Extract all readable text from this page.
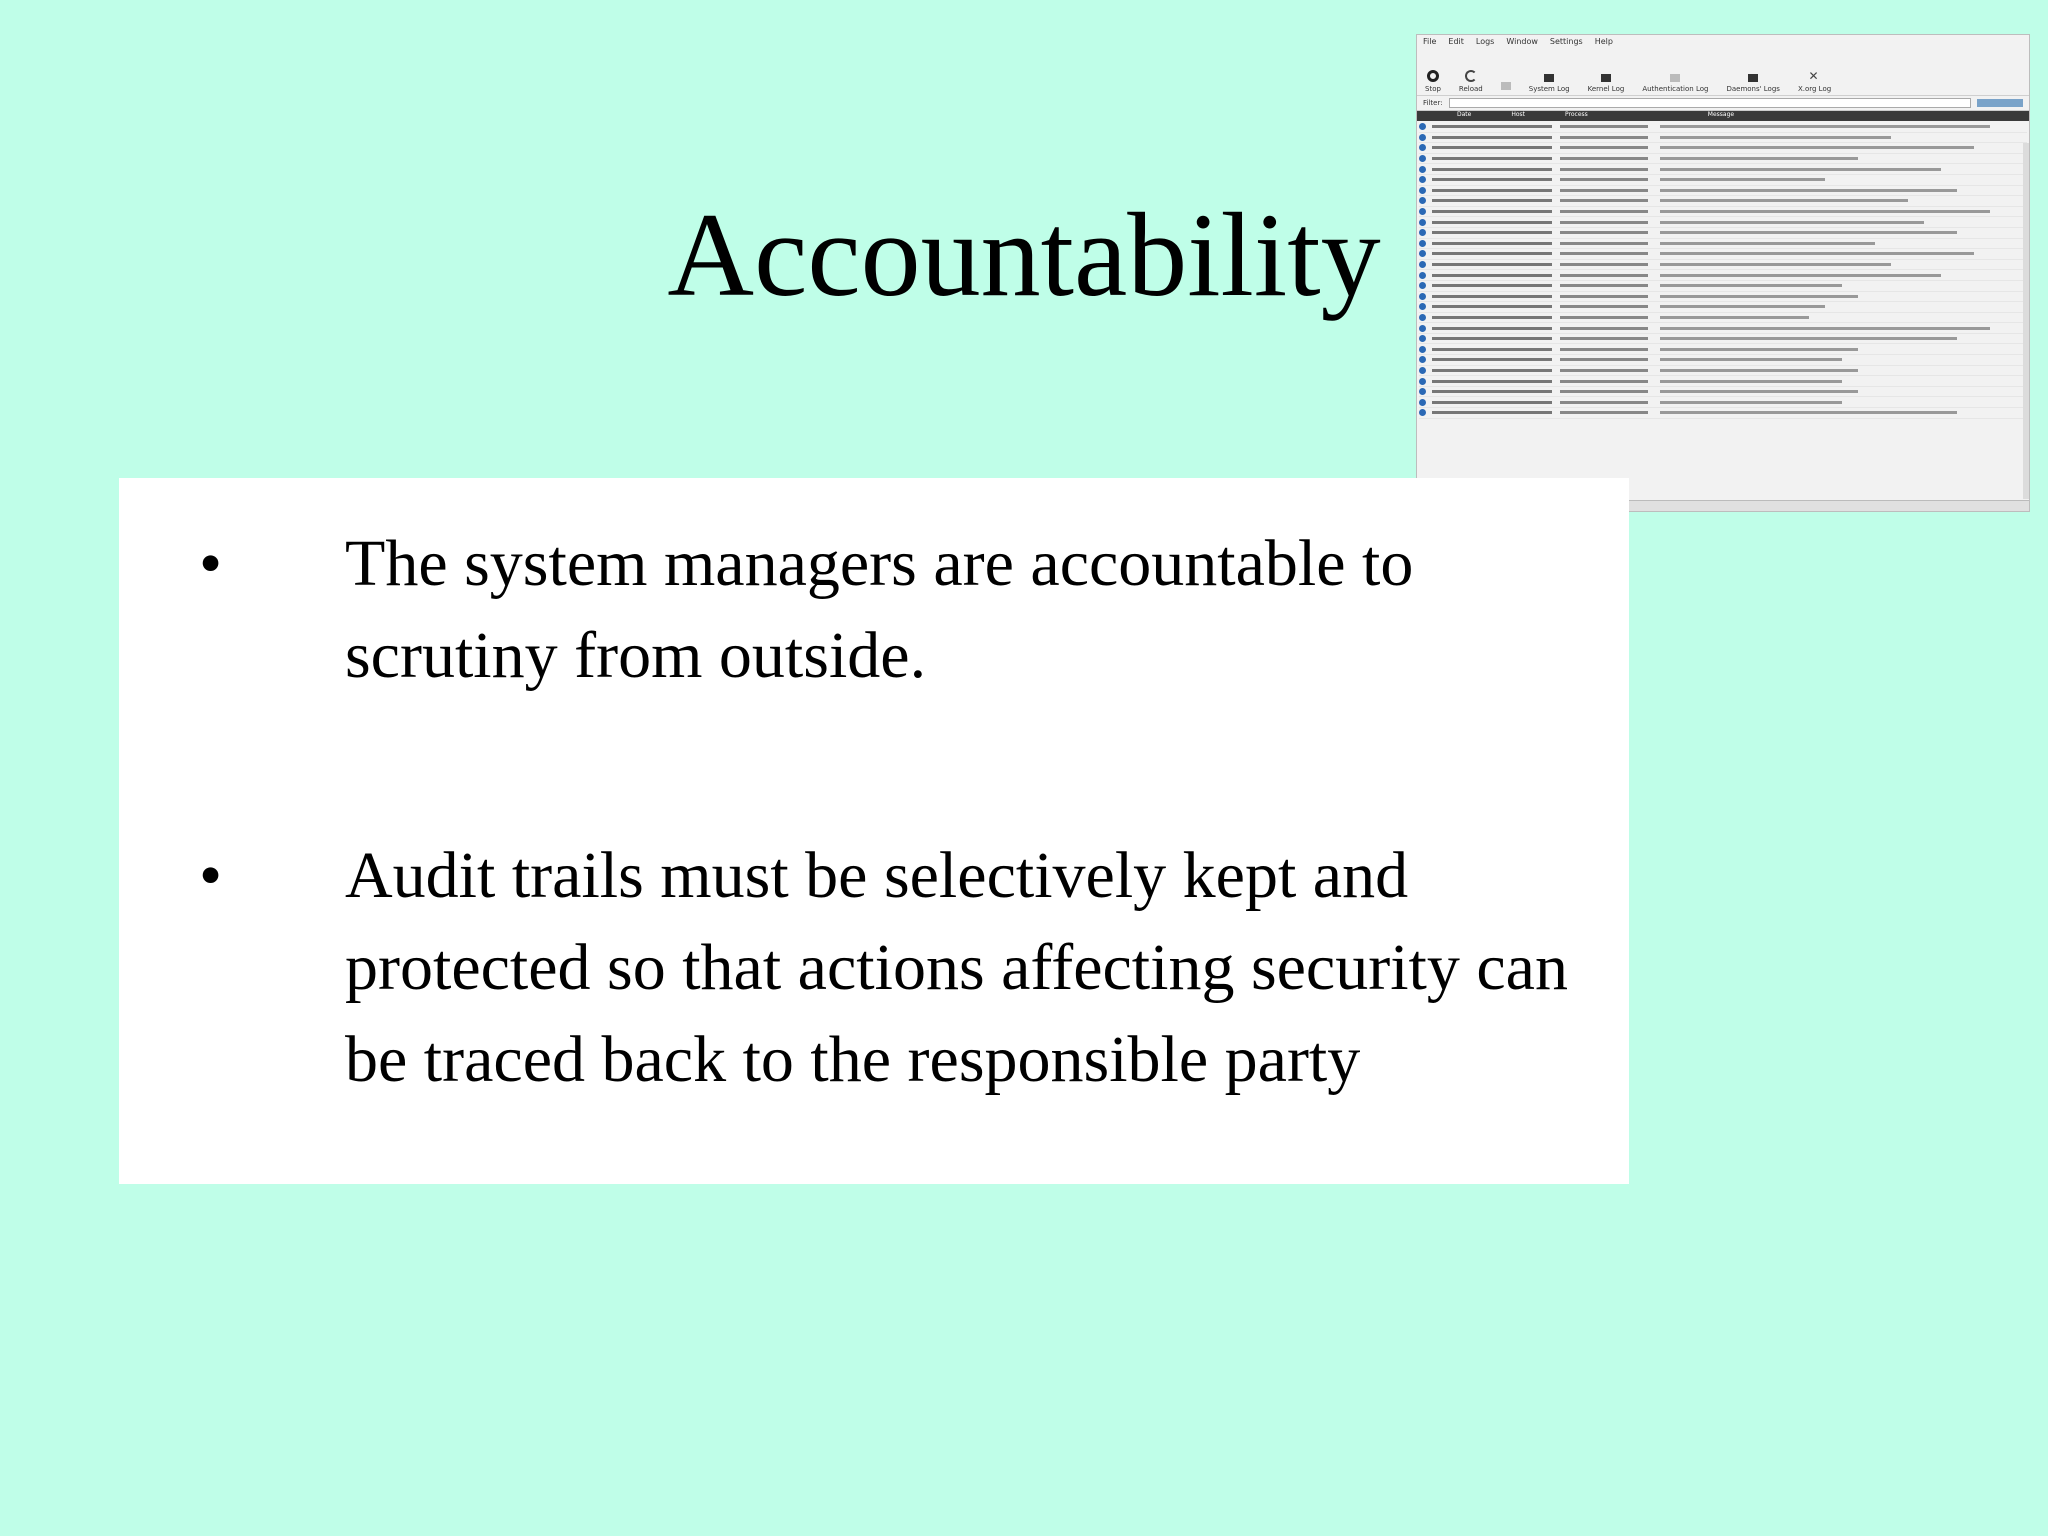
Accountability
File Edit Logs Window Settings Help
Stop	Reload	System Log	Kernel Log	Authentication Log	Daemons' Logs
✕
X.org Log
Filter:
Date	Host	Process	Message
•	The system managers are accountable to scrutiny from outside.
•	Audit trails must be selectively kept and protected so that actions affecting security can be traced back to the responsible party
